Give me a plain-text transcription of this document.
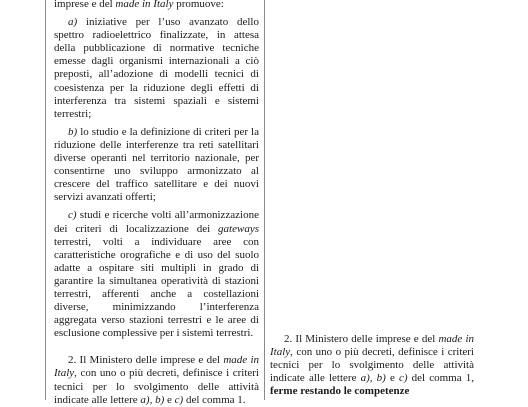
imprese e del made in Italy promuove:

a) iniziative per l’uso avanzato dello spettro radioelettrico finalizzate, in attesa della pubblicazione di normative tecniche emesse dagli organismi internazionali a ciò preposti, all’adozione di modelli tecnici di coesistenza per la riduzione degli effetti di interferenza tra sistemi spaziali e sistemi terrestri;

b) lo studio e la definizione di criteri per la riduzione delle interferenze tra reti satellitari diverse operanti nel territorio nazionale, per consentirne uno sviluppo armonizzato al crescere del traffico satellitare e dei nuovi servizi avanzati offerti;

c) studi e ricerche volti all’armonizzazione dei criteri di localizzazione dei gateways terrestri, volti a individuare aree con caratteristiche orografiche e di uso del suolo adatte a ospitare siti multipli in grado di garantire la simultanea operatività di stazioni terrestri, afferenti anche a costellazioni diverse, minimizzando l’interferenza aggregata verso stazioni terrestri e le aree di esclusione complessive per i sistemi terrestri.

2. Il Ministero delle imprese e del made in Italy, con uno o più decreti, definisce i criteri tecnici per lo svolgimento delle attività indicate alle lettere a), b) e c) del comma 1.

2. Il Ministero delle imprese e del made in Italy, con uno o più decreti, definisce i criteri tecnici per lo svolgimento delle attività indicate alle lettere a), b) e c) del comma 1, ferme restando le competenze
